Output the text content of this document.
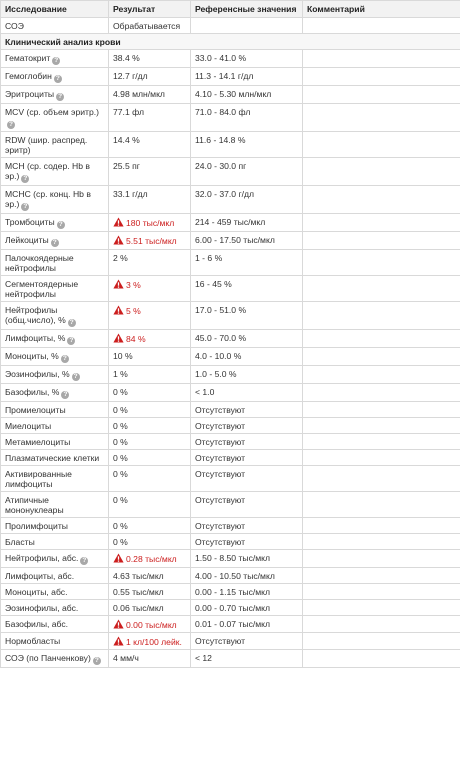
Исследование	Результат	Референсные значения	Комментарий
СОЭ	Обрабатывается		
Клинический анализ крови			
Гематокрит ?	38.4 %	33.0 - 41.0 %	
Гемоглобин ?	12.7 г/дл	11.3 - 14.1 г/дл	
Эритроциты ?	4.98 млн/мкл	4.10 - 5.30 млн/мкл	
MCV (ср. объем эритр.)?	77.1 фл	71.0 - 84.0 фл	
RDW (шир. распред. эритр)	14.4 %	11.6 - 14.8 %	
MCH (ср. содер. Hb в эр.) ?	25.5 пг	24.0 - 30.0 пг	
MCHC (ср. конц. Hb в эр.) ?	33.1 г/дл	32.0 - 37.0 г/дл	
Тромбоциты ?	180 тыс/мкл	214 - 459 тыс/мкл	
Лейкоциты ?	5.51 тыс/мкл	6.00 - 17.50 тыс/мкл	
Палочкоядерные нейтрофилы	2 %	1 - 6 %	
Сегментоядерные нейтрофилы	3 %	16 - 45 %	
Нейтрофилы (общ.число), % ?	5 %	17.0 - 51.0 %	
Лимфоциты, % ?	84 %	45.0 - 70.0 %	
Моноциты, % ?	10 %	4.0 - 10.0 %	
Эозинофилы, % ?	1 %	1.0 - 5.0 %	
Базофилы, % ?	0 %	< 1.0	
Промиелоциты	0 %	Отсутствуют	
Миелоциты	0 %	Отсутствуют	
Метамиелоциты	0 %	Отсутствуют	
Плазматические клетки	0 %	Отсутствуют	
Активированные лимфоциты	0 %	Отсутствуют	
Атипичные мононуклеары	0 %	Отсутствуют	
Пролимфоциты	0 %	Отсутствуют	
Бласты	0 %	Отсутствуют	
Нейтрофилы, абс. ?	0.28 тыс/мкл	1.50 - 8.50 тыс/мкл	
Лимфоциты, абс.	4.63 тыс/мкл	4.00 - 10.50 тыс/мкл	
Моноциты, абс.	0.55 тыс/мкл	0.00 - 1.15 тыс/мкл	
Эозинофилы, абс.	0.06 тыс/мкл	0.00 - 0.70 тыс/мкл	
Базофилы, абс.	0.00 тыс/мкл	0.01 - 0.07 тыс/мкл	
Нормобласты	1 кл/100 лейк.	Отсутствуют	
СОЭ (по Панченкову) ?	4 мм/ч	< 12	
